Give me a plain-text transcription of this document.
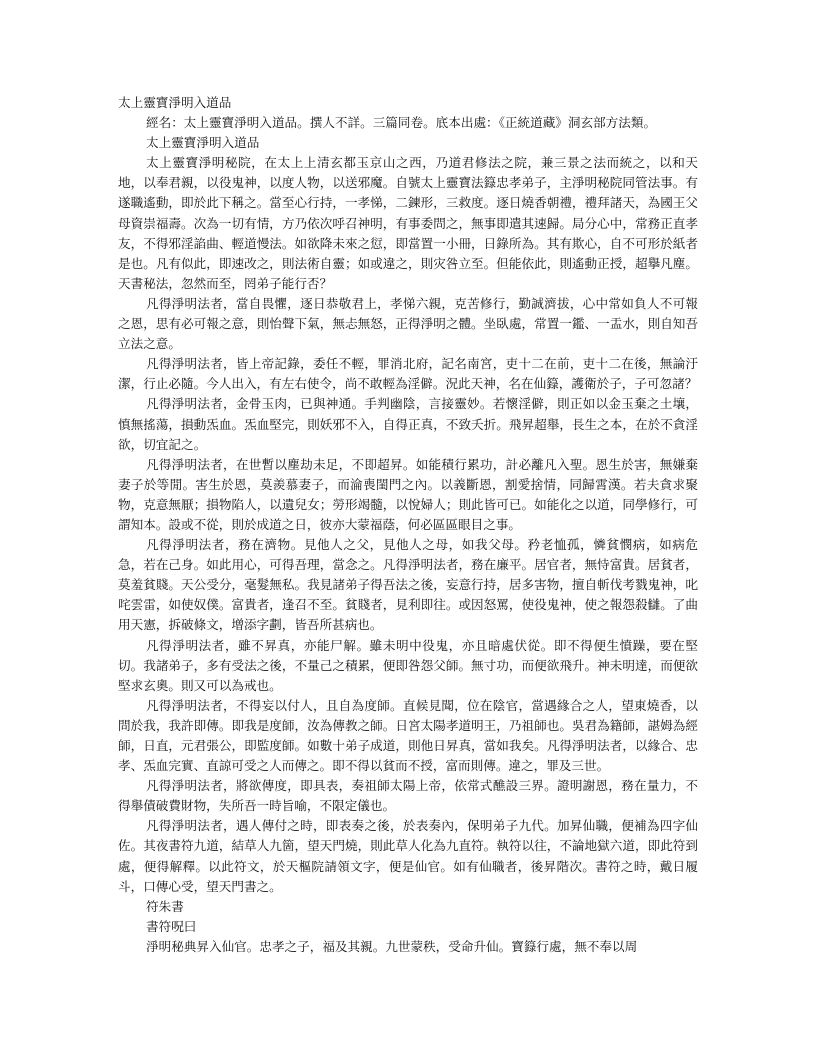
太上靈寶淨明入道品
經名：太上靈寶淨明入道品。撰人不詳。三篇同卷。底本出處：《正統道藏》洞玄部方法類。
太上靈寶淨明入道品
太上靈寶淨明秘院，在太上上清玄都玉京山之西，乃道君修法之院，兼三景之法而統之，以和天地，以奉君親，以役鬼神，以度人物，以送邪魔。自號太上靈寶法籙忠孝弟子，主淨明秘院同管法事。有遂職遙動，即於此下稱之。當至心行持，一孝悌，二鍊形，三救度。逐日燒香朝禮，禮拜諸天，為國王父母資崇福壽。次為一切有情，方乃依次呼召神明，有事委問之，無事即遣其速歸。局分心中，常務正直孝友，不得邪淫諂曲、輕道慢法。如欲降未來之愆，即當置一小冊，日錄所為。其有欺心，自不可形於紙者是也。凡有似此，即速改之，則法術自靈；如或違之，則灾咎立至。但能依此，則遙動正授，超擧凡塵。天書秘法，忽然而至，罔弟子能行否？
凡得淨明法者，當自畏懼，逐日恭敬君上，孝悌六親，克苦修行，勤誠濟拔，心中常如負人不可報之恩，思有必可報之意，則怡聲下氣，無忐無怒，正得淨明之體。坐臥處，常置一鑑、一盂水，則自知吾立法之意。
凡得淨明法者，皆上帝記錄，委任不輕，罪消北府，記名南宮，吏十二在前，吏十二在後，無論汙潔，行止必隨。今人出入，有左右使令，尚不敢輕為淫僻。況此天神，名在仙籙，護衛於子，子可忽諸？
凡得淨明法者，金骨玉肉，已與神通。手判幽陰，言接靈妙。若懷淫僻，則正如以金玉棄之土壤，慎無搖蕩，損動炁血。炁血堅完，則妖邪不入，自得正真，不致夭折。飛昇超舉，長生之本，在於不貪淫欲，切宜記之。
凡得淨明法者，在世暫以塵劫未足，不即超昇。如能積行累功，計必離凡入聖。恩生於害，無嫌棄妻子於等閒。害生於恩，莫羨慕妻子，而淪喪閨門之內。以義斷恩，割愛捨情，同歸霄漢。若夫貪求聚物，克意無厭；損物陷人，以遺兒女；勞形竭髓，以悅婦人；則此皆可已。如能化之以道，同學修行，可謂知本。設或不從，則於成道之日，彼亦大蒙福蔭，何必區區眼目之事。
凡得淨明法者，務在濟物。見他人之父，見他人之母，如我父母。矜老恤孤，憐貧憫病，如病危急，若在己身。如此用心，可得吾理，當念之。凡得淨明法者，務在廉平。居官者，無恃富貴。居貧者，莫羞貧賤。天公受分，毫髮無私。我見諸弟子得吾法之後，妄意行持，居多害物，擅自斬伐考戮鬼神，叱咤雲雷，如使奴僕。富貴者，逢召不至。貧賤者，見利即往。或因怒罵，使役鬼神，使之報怨殺讎。了曲用天憲，拆破條文，增添字劃，皆吾所甚病也。
凡得淨明法者，雖不昇真，亦能尸解。雖未明中役鬼，亦且暗處伏從。即不得便生憤躁，要在堅切。我諸弟子，多有受法之後，不量己之積累，便即咎怨父師。無寸功，而便欲飛升。神未明達，而便欲堅求玄奧。則又可以為戒也。
凡得淨明法者，不得妄以付人，且自為度師。直候見聞，位在陰官，當遇緣合之人，望東燒香，以問於我，我許即傳。即我是度師，汝為傳教之師。日宮太陽孝道明王，乃祖師也。吳君為籍師，諶姆為經師，日直，元君張公，即監度師。如數十弟子成道，則他日昇真，當如我矣。凡得淨明法者，以緣合、忠孝、炁血完實、直諒可受之人而傳之。即不得以貧而不授，富而則傳。違之，罪及三世。
凡得淨明法者，將欲傳度，即具表，奏祖師太陽上帝，依常式醮設三界。證明謝恩，務在量力，不得舉債破費財物，失所吾一時旨喻，不限定儀也。
凡得淨明法者，遇人傳付之時，即表奏之後，於表奏內，保明弟子九代。加昇仙職，便補為四字仙佐。其夜書符九道，結草人九箇，望天門燒，則此草人化為九直符。執符以往，不論地獄六道，即此符到處，便得解釋。以此符文，於天樞院請領文字，便是仙官。如有仙職者，後昇階次。書符之時，戴日履斗，口傳心受，望天門書之。
符朱書
書符呪曰
淨明秘典昇入仙官。忠孝之子，福及其親。九世蒙秩，受命升仙。寶籙行處，無不奉以周
